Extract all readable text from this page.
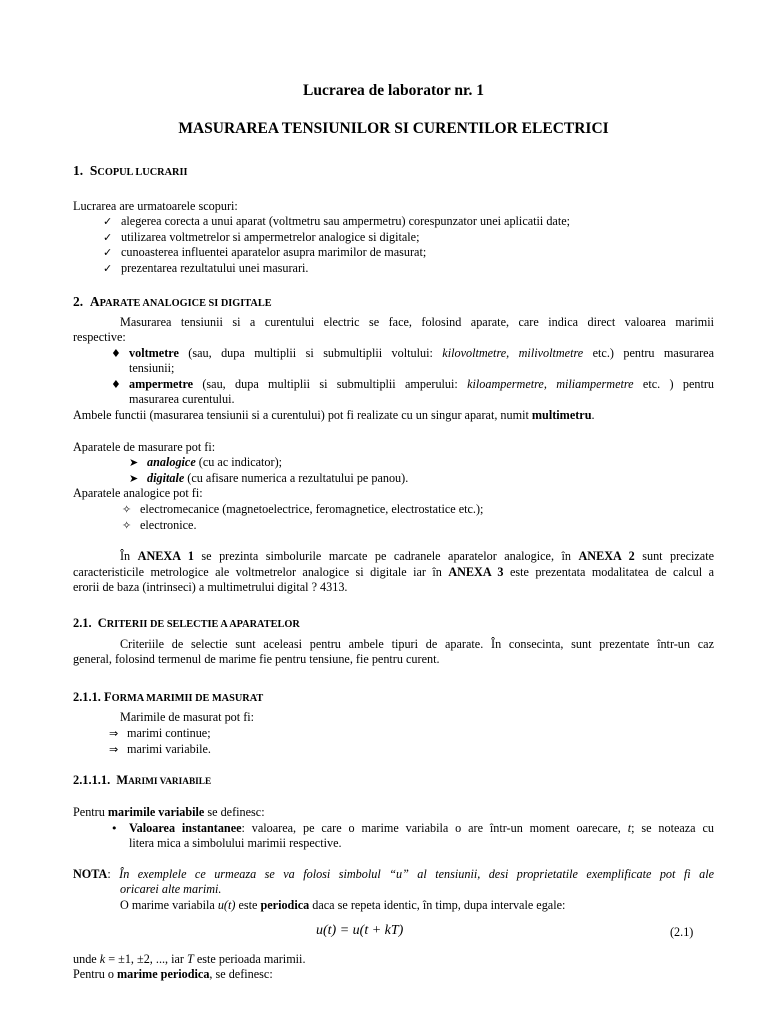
Lucrarea de laborator nr. 1
MASURAREA TENSIUNILOR SI CURENTILOR ELECTRICI
1. SCOPUL LUCRARII
Lucrarea are urmatoarele scopuri:
✓ alegerea corecta a unui aparat (voltmetru sau ampermetru) corespunzator unei aplicatii date;
✓ utilizarea voltmetrelor si ampermetrelor analogice si digitale;
✓ cunoasterea influentei aparatelor asupra marimilor de masurat;
✓ prezentarea rezultatului unei masurari.
2. APARATE ANALOGICE SI DIGITALE
Masurarea tensiunii si a curentului electric se face, folosind aparate, care indica direct valoarea marimii
respective:
♦ voltmetre (sau, dupa multiplii si submultiplii voltului: kilovoltmetre, milivoltmetre etc.) pentru masurarea
tensiunii;
♦ ampermetre (sau, dupa multiplii si submultiplii amperului: kiloampermetre, miliampermetre etc. ) pentru
masurarea curentului.
Ambele functii (masurarea tensiunii si a curentului) pot fi realizate cu un singur aparat, numit multimetru.
Aparatele de masurare pot fi:
➤ analogice (cu ac indicator);
➤ digitale (cu afisare numerica a rezultatului pe panou).
Aparatele analogice pot fi:
✧ electromecanice (magnetoelectrice, feromagnetice, electrostatice etc.);
✧ electronice.
În ANEXA 1 se prezinta simbolurile marcate pe cadranele aparatelor analogice, în ANEXA 2 sunt precizate
caracteristicile metrologice ale voltmetrelor analogice si digitale iar în ANEXA 3 este prezentata modalitatea de calcul a
erorii de baza (intrinseci) a multimetrului digital ? 4313.
2.1. CRITERII DE SELECTIE A APARATELOR
Criteriile de selectie sunt aceleasi pentru ambele tipuri de aparate. În consecinta, sunt prezentate într-un caz
general, folosind termenul de marime fie pentru tensiune, fie pentru curent.
2.1.1. FORMA MARIMII DE MASURAT
Marimile de masurat pot fi:
⇒ marimi continue;
⇒ marimi variabile.
2.1.1.1. MARIMI VARIABILE
Pentru marimile variabile se definesc:
• Valoarea instantanee: valoarea, pe care o marime variabila o are într-un moment oarecare, t; se noteaza cu
litera mica a simbolului marimii respective.
NOTA: În exemplele ce urmeaza se va folosi simbolul “u” al tensiunii, desi proprietatile exemplificate pot fi ale
oricarei alte marimi.
O marime variabila u(t) este periodica daca se repeta identic, în timp, dupa intervale egale:
u(t) = u(t + kT)	(2.1)
unde k = ±1, ±2, ..., iar T este perioada marimii.
Pentru o marime periodica, se definesc:
